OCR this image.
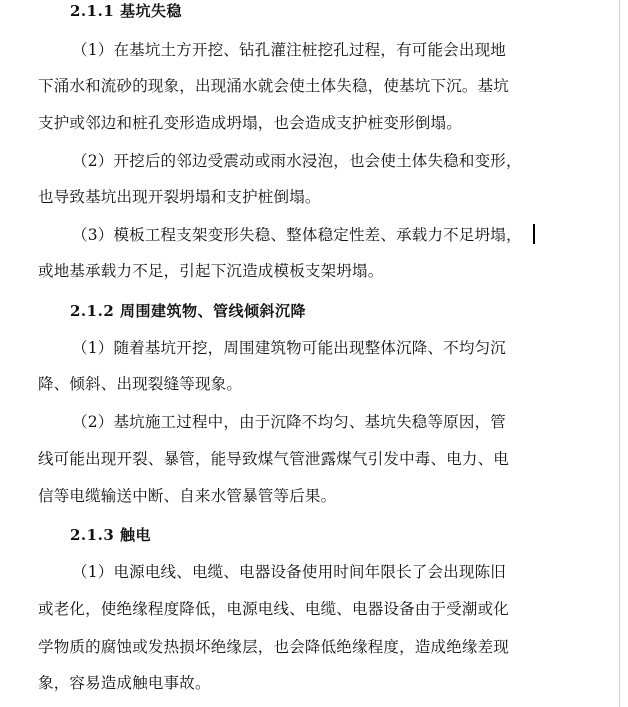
2.1.1 基坑失稳
（1）在基坑土方开挖、钻孔灌注桩挖孔过程，有可能会出现地
下涌水和流砂的现象，出现涌水就会使土体失稳，使基坑下沉。基坑
支护或邻边和桩孔变形造成坍塌，也会造成支护桩变形倒塌。
（2）开挖后的邻边受震动或雨水浸泡，也会使土体失稳和变形，
也导致基坑出现开裂坍塌和支护桩倒塌。
（3）模板工程支架变形失稳、整体稳定性差、承载力不足坍塌，
或地基承载力不足，引起下沉造成模板支架坍塌。
2.1.2 周围建筑物、管线倾斜沉降
（1）随着基坑开挖，周围建筑物可能出现整体沉降、不均匀沉
降、倾斜、出现裂缝等现象。
（2）基坑施工过程中，由于沉降不均匀、基坑失稳等原因，管
线可能出现开裂、暴管，能导致煤气管泄露煤气引发中毒、电力、电
信等电缆输送中断、自来水管暴管等后果。
2.1.3 触电
（1）电源电线、电缆、电器设备使用时间年限长了会出现陈旧
或老化，使绝缘程度降低，电源电线、电缆、电器设备由于受潮或化
学物质的腐蚀或发热损坏绝缘层，也会降低绝缘程度，造成绝缘差现
象，容易造成触电事故。
